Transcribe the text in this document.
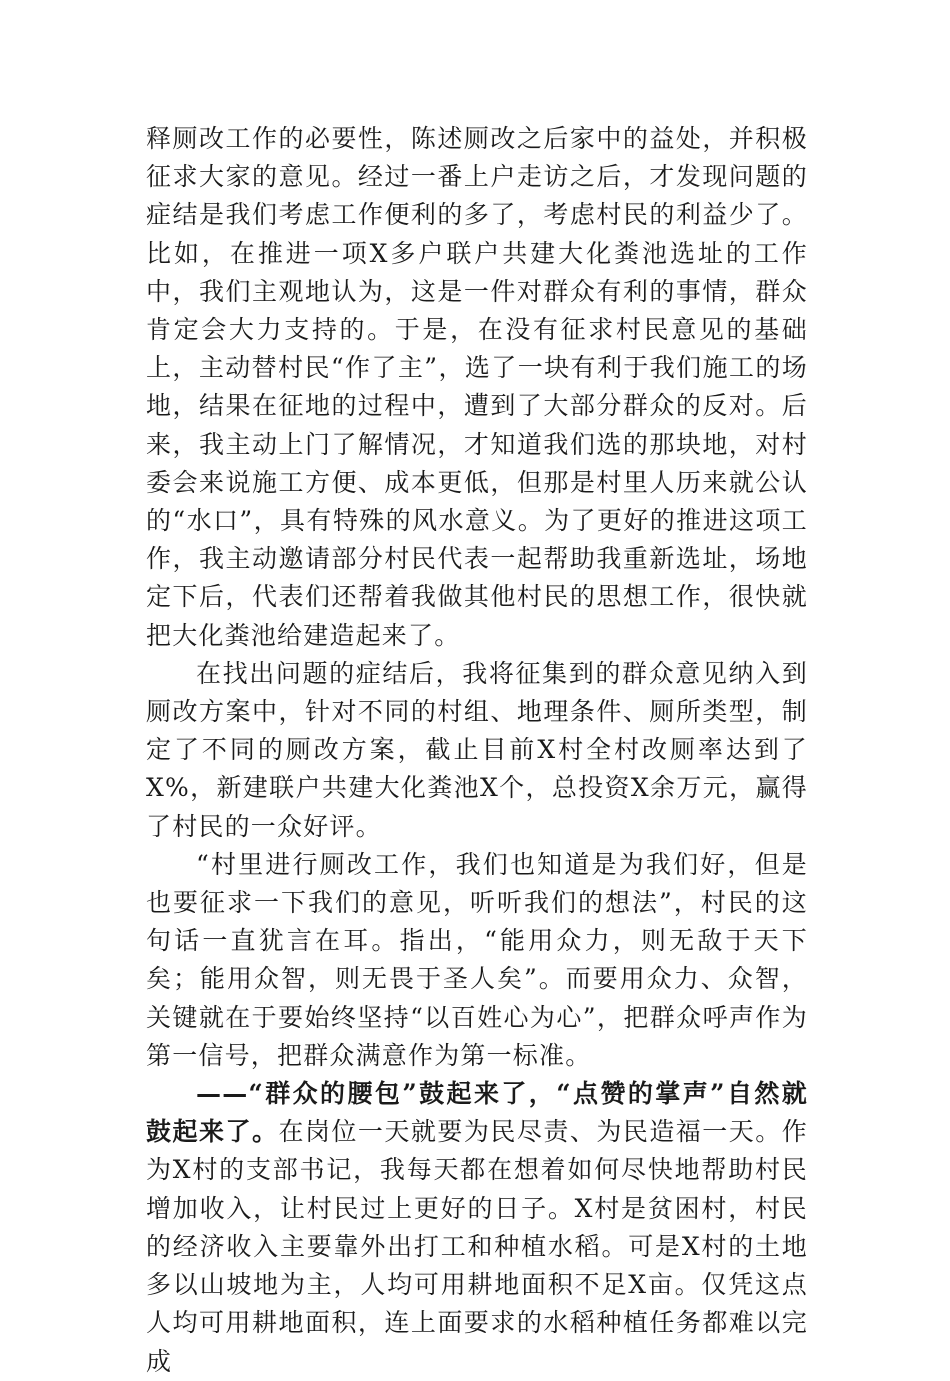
释厕改工作的必要性，陈述厕改之后家中的益处，并积极征求大家的意见。经过一番上户走访之后，才发现问题的症结是我们考虑工作便利的多了，考虑村民的利益少了。比如，在推进一项X多户联户共建大化粪池选址的工作中，我们主观地认为，这是一件对群众有利的事情，群众肯定会大力支持的。于是，在没有征求村民意见的基础上，主动替村民“作了主”，选了一块有利于我们施工的场地，结果在征地的过程中，遭到了大部分群众的反对。后来，我主动上门了解情况，才知道我们选的那块地，对村委会来说施工方便、成本更低，但那是村里人历来就公认的“水口”，具有特殊的风水意义。为了更好的推进这项工作，我主动邀请部分村民代表一起帮助我重新选址，场地定下后，代表们还帮着我做其他村民的思想工作，很快就把大化粪池给建造起来了。

在找出问题的症结后，我将征集到的群众意见纳入到厕改方案中，针对不同的村组、地理条件、厕所类型，制定了不同的厕改方案，截止目前X村全村改厕率达到了X%，新建联户共建大化粪池X个，总投资X余万元，赢得了村民的一众好评。

“村里进行厕改工作，我们也知道是为我们好，但是也要征求一下我们的意见，听听我们的想法”，村民的这句话一直犹言在耳。指出，“能用众力，则无敌于天下矣；能用众智，则无畏于圣人矣”。而要用众力、众智，关键就在于要始终坚持“以百姓心为心”，把群众呼声作为第一信号，把群众满意作为第一标准。

——“群众的腰包”鼓起来了，“点赞的掌声”自然就鼓起来了。在岗位一天就要为民尽责、为民造福一天。作为X村的支部书记，我每天都在想着如何尽快地帮助村民增加收入，让村民过上更好的日子。X村是贫困村，村民的经济收入主要靠外出打工和种植水稻。可是X村的土地多以山坡地为主，人均可用耕地面积不足X亩。仅凭这点人均可用耕地面积，连上面要求的水稻种植任务都难以完成
